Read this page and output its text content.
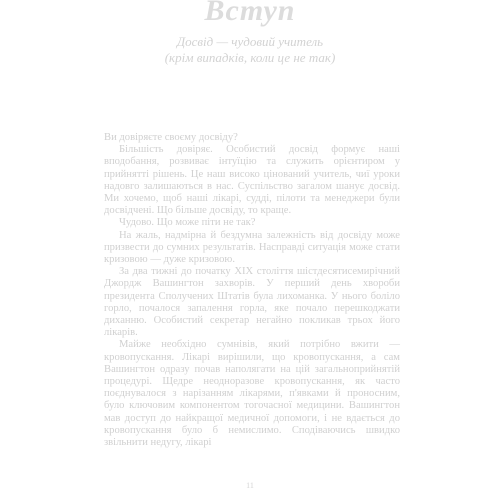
Вступ
Досвід — чудовий учитель
(крім випадків, коли це не так)

Ви довіряєте своєму досвіду?

Більшість довіряє. Особистий досвід формує наші вподобання, розвиває інтуїцію та служить орієнтиром у прийнятті рішень. Це наш високо цінований учитель, чиї уроки надовго залишаються в нас. Суспільство загалом шанує досвід. Ми хочемо, щоб наші лікарі, судді, пілоти та менеджери були досвідчені. Що більше досвіду, то краще.

Чудово. Що може піти не так?

На жаль, надмірна й бездумна залежність від досвіду може призвести до сумних результатів. Насправді ситуація може стати кризовою — дуже кризовою.

За два тижні до початку XIX століття шістдесятисемирічний Джордж Вашингтон захворів. У перший день хвороби президента Сполучених Штатів була лихоманка. У нього боліло горло, почалося запалення горла, яке почало перешкоджати диханню. Особистий секретар негайно покликав трьох його лікарів.

Майже необхідно сумнівів, який потрібно вжити — кровопускання. Лікарі вирішили, що кровопускання, а сам Вашингтон одразу почав наполягати на цій загальноприйнятій процедурі. Щедре неодноразове кровопускання, як часто поєднувалося з нарізанням лікарями, п'явками й проносним, було ключовим компонентом тогочасної медицини. Вашингтон мав доступ до найкращої медичної допомоги, і не вдається до кровопускання було б немислимо. Сподіваючись швидко звільнити недугу, лікарі

11
